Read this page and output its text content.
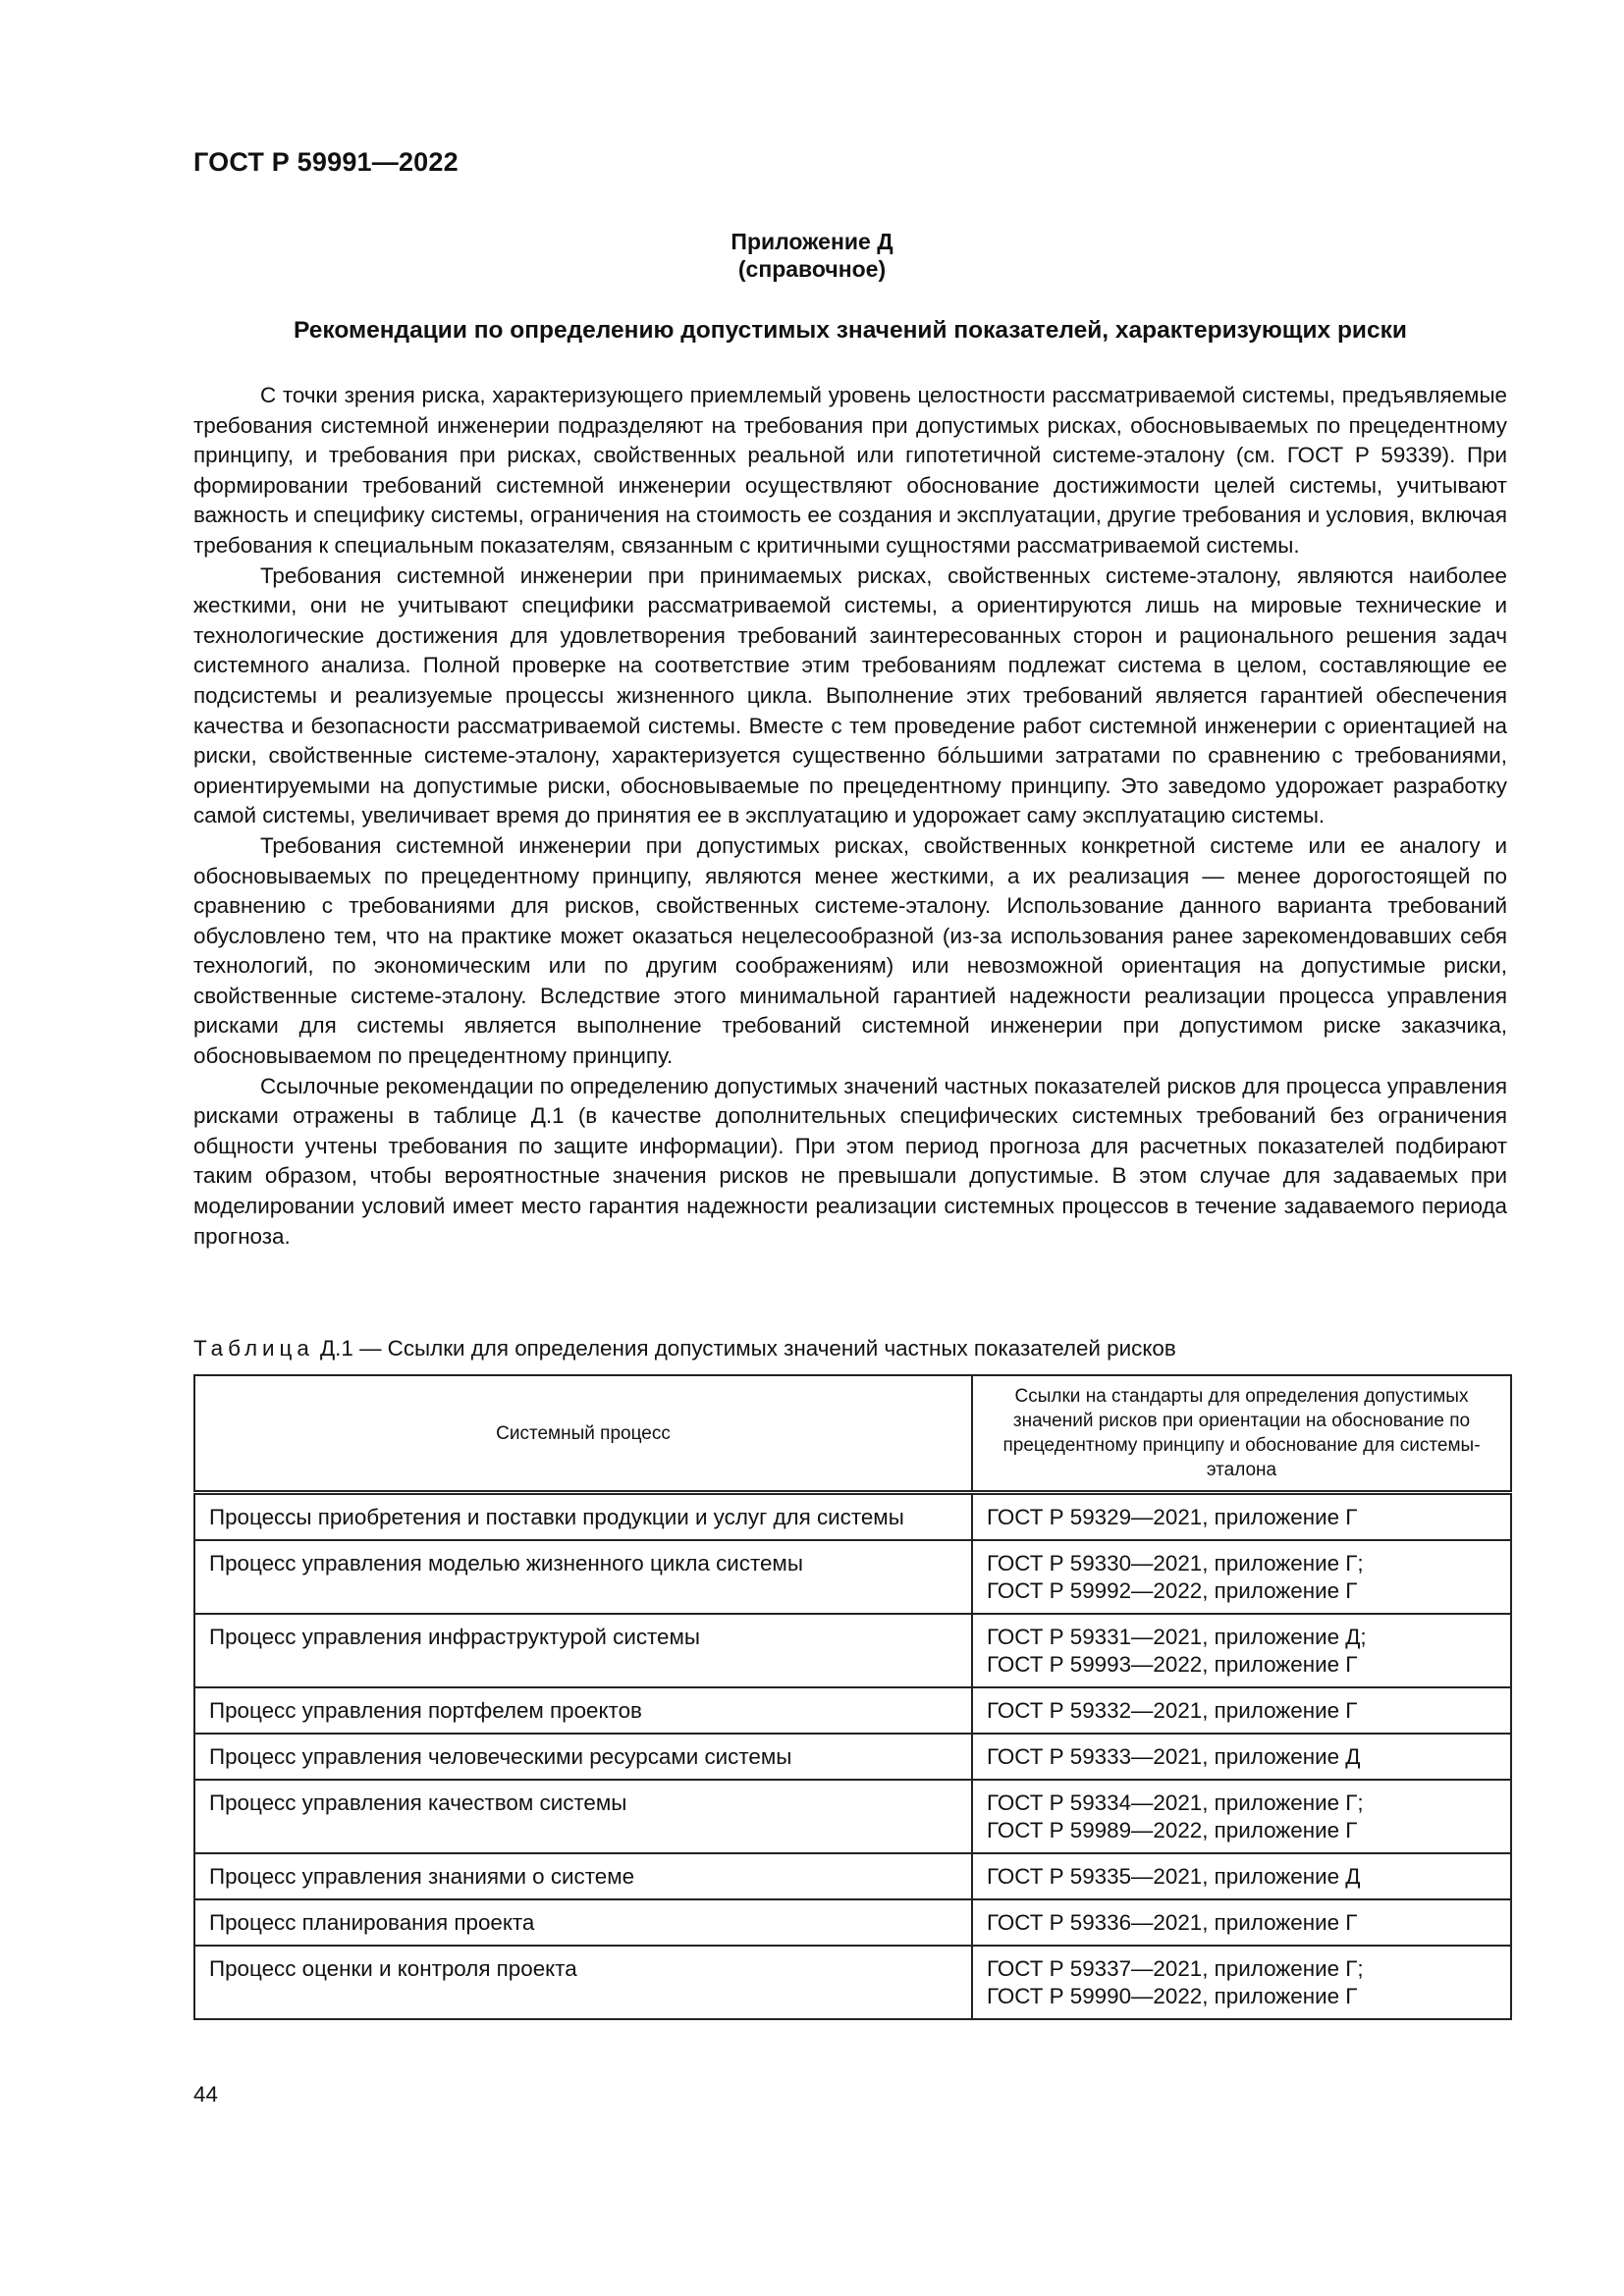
ГОСТ Р 59991—2022
Приложение Д
(справочное)
Рекомендации по определению допустимых значений показателей, характеризующих риски

С точки зрения риска, характеризующего приемлемый уровень целостности рассматриваемой системы, предъявляемые требования системной инженерии подразделяют на требования при допустимых рисках, обосновываемых по прецедентному принципу, и требования при рисках, свойственных реальной или гипотетичной системе-эталону (см. ГОСТ Р 59339). При формировании требований системной инженерии осуществляют обоснование достижимости целей системы, учитывают важность и специфику системы, ограничения на стоимость ее создания и эксплуатации, другие требования и условия, включая требования к специальным показателям, связанным с критичными сущностями рассматриваемой системы.

Требования системной инженерии при принимаемых рисках, свойственных системе-эталону, являются наиболее жесткими, они не учитывают специфики рассматриваемой системы, а ориентируются лишь на мировые технические и технологические достижения для удовлетворения требований заинтересованных сторон и рационального решения задач системного анализа. Полной проверке на соответствие этим требованиям подлежат система в целом, составляющие ее подсистемы и реализуемые процессы жизненного цикла. Выполнение этих требований является гарантией обеспечения качества и безопасности рассматриваемой системы. Вместе с тем проведение работ системной инженерии с ориентацией на риски, свойственные системе-эталону, характеризуется существенно бóльшими затратами по сравнению с требованиями, ориентируемыми на допустимые риски, обосновываемые по прецедентному принципу. Это заведомо удорожает разработку самой системы, увеличивает время до принятия ее в эксплуатацию и удорожает саму эксплуатацию системы.

Требования системной инженерии при допустимых рисках, свойственных конкретной системе или ее аналогу и обосновываемых по прецедентному принципу, являются менее жесткими, а их реализация — менее дорогостоящей по сравнению с требованиями для рисков, свойственных системе-эталону. Использование данного варианта требований обусловлено тем, что на практике может оказаться нецелесообразной (из-за использования ранее зарекомендовавших себя технологий, по экономическим или по другим соображениям) или невозможной ориентация на допустимые риски, свойственные системе-эталону. Вследствие этого минимальной гарантией надежности реализации процесса управления рисками для системы является выполнение требований системной инженерии при допустимом риске заказчика, обосновываемом по прецедентному принципу.

Ссылочные рекомендации по определению допустимых значений частных показателей рисков для процесса управления рисками отражены в таблице Д.1 (в качестве дополнительных специфических системных требований без ограничения общности учтены требования по защите информации). При этом период прогноза для расчетных показателей подбирают таким образом, чтобы вероятностные значения рисков не превышали допустимые. В этом случае для задаваемых при моделировании условий имеет место гарантия надежности реализации системных процессов в течение задаваемого периода прогноза.

Таблица Д.1 — Ссылки для определения допустимых значений частных показателей рисков
Системный процесс	Ссылки на стандарты для определения допустимых значений рисков при ориентации на обоснование по прецедентному принципу и обоснование для системы-эталона
Процессы приобретения и поставки продукции и услуг для системы	ГОСТ Р 59329—2021, приложение Г

Процесс управления моделью жизненного цикла системы	ГОСТ Р 59330—2021, приложение Г;
ГОСТ Р 59992—2022, приложение Г

Процесс управления инфраструктурой системы	ГОСТ Р 59331—2021, приложение Д;
ГОСТ Р 59993—2022, приложение Г

Процесс управления портфелем проектов	ГОСТ Р 59332—2021, приложение Г

Процесс управления человеческими ресурсами системы	ГОСТ Р 59333—2021, приложение Д

Процесс управления качеством системы	ГОСТ Р 59334—2021, приложение Г;
ГОСТ Р 59989—2022, приложение Г

Процесс управления знаниями о системе	ГОСТ Р 59335—2021, приложение Д

Процесс планирования проекта	ГОСТ Р 59336—2021, приложение Г

Процесс оценки и контроля проекта	ГОСТ Р 59337—2021, приложение Г;
ГОСТ Р 59990—2022, приложение Г
44
